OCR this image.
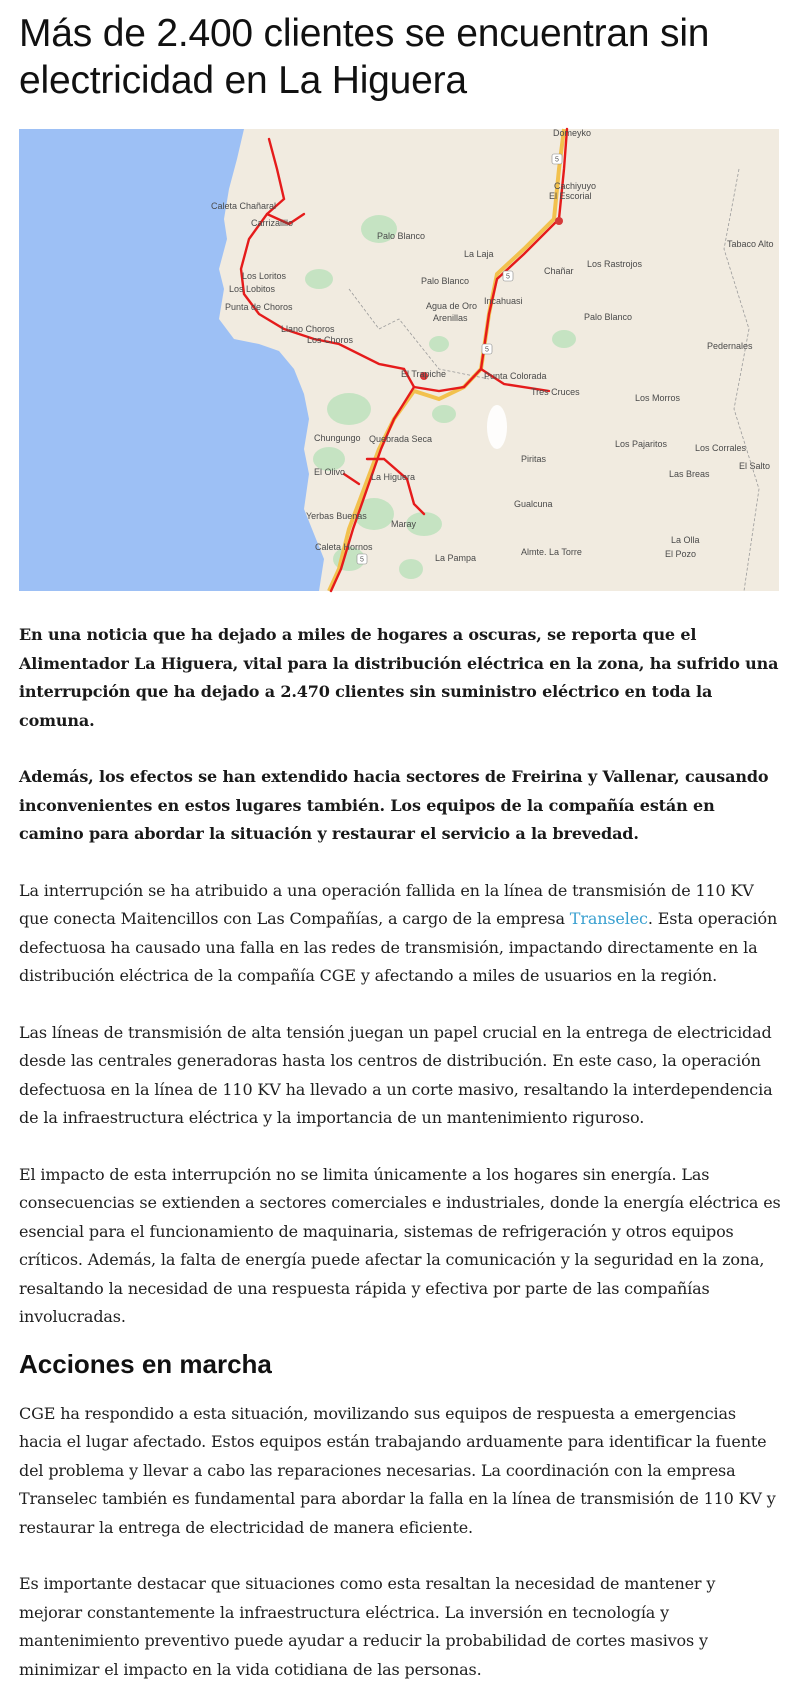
Más de 2.400 clientes se encuentran sin electricidad en La Higuera
5
5
5
5
Domeyko
Cachiyuyo
El Escorial
Caleta Chañaral
Carrizalillo
Palo Blanco
La Laja
Tabaco Alto
Chañar
Los Rastrojos
Los Loritos	Palo Blanco
Incahuasi
Agua de Oro
Arenillas
Los Lobitos
Punta de Choros
Palo Blanco
Llano Choros
Los Choros
Pedernales
El Trapiche	Punta Colorada
Tres Cruces
Los Morros
Chungungo Quebrada Seca	Los Pajaritos	Los Corrales
Piritas
El Salto
El Olivo	La Higuera	Las Breas
Gualcuna
Yerbas Buenas
Maray
La Olla
Caleta Hornos
El Pozo
Almte. La Torre
La Pampa

En una noticia que ha dejado a miles de hogares a oscuras, se reporta que el Alimentador La Higuera, vital para la distribución eléctrica en la zona, ha sufrido una interrupción que ha dejado a 2.470 clientes sin suministro eléctrico en toda la comuna.

Además, los efectos se han extendido hacia sectores de Freirina y Vallenar, causando inconvenientes en estos lugares también. Los equipos de la compañía están en camino para abordar la situación y restaurar el servicio a la brevedad.

La interrupción se ha atribuido a una operación fallida en la línea de transmisión de 110 KV que conecta Maitencillos con Las Compañías, a cargo de la empresa Transelec. Esta operación defectuosa ha causado una falla en las redes de transmisión, impactando directamente en la distribución eléctrica de la compañía CGE y afectando a miles de usuarios en la región.

Las líneas de transmisión de alta tensión juegan un papel crucial en la entrega de electricidad desde las centrales generadoras hasta los centros de distribución. En este caso, la operación defectuosa en la línea de 110 KV ha llevado a un corte masivo, resaltando la interdependencia de la infraestructura eléctrica y la importancia de un mantenimiento riguroso.

El impacto de esta interrupción no se limita únicamente a los hogares sin energía. Las consecuencias se extienden a sectores comerciales e industriales, donde la energía eléctrica es esencial para el funcionamiento de maquinaria, sistemas de refrigeración y otros equipos críticos. Además, la falta de energía puede afectar la comunicación y la seguridad en la zona, resaltando la necesidad de una respuesta rápida y efectiva por parte de las compañías involucradas.

Acciones en marcha

CGE ha respondido a esta situación, movilizando sus equipos de respuesta a emergencias hacia el lugar afectado. Estos equipos están trabajando arduamente para identificar la fuente del problema y llevar a cabo las reparaciones necesarias. La coordinación con la empresa Transelec también es fundamental para abordar la falla en la línea de transmisión de 110 KV y restaurar la entrega de electricidad de manera eficiente.

Es importante destacar que situaciones como esta resaltan la necesidad de mantener y mejorar constantemente la infraestructura eléctrica. La inversión en tecnología y mantenimiento preventivo puede ayudar a reducir la probabilidad de cortes masivos y minimizar el impacto en la vida cotidiana de las personas.
